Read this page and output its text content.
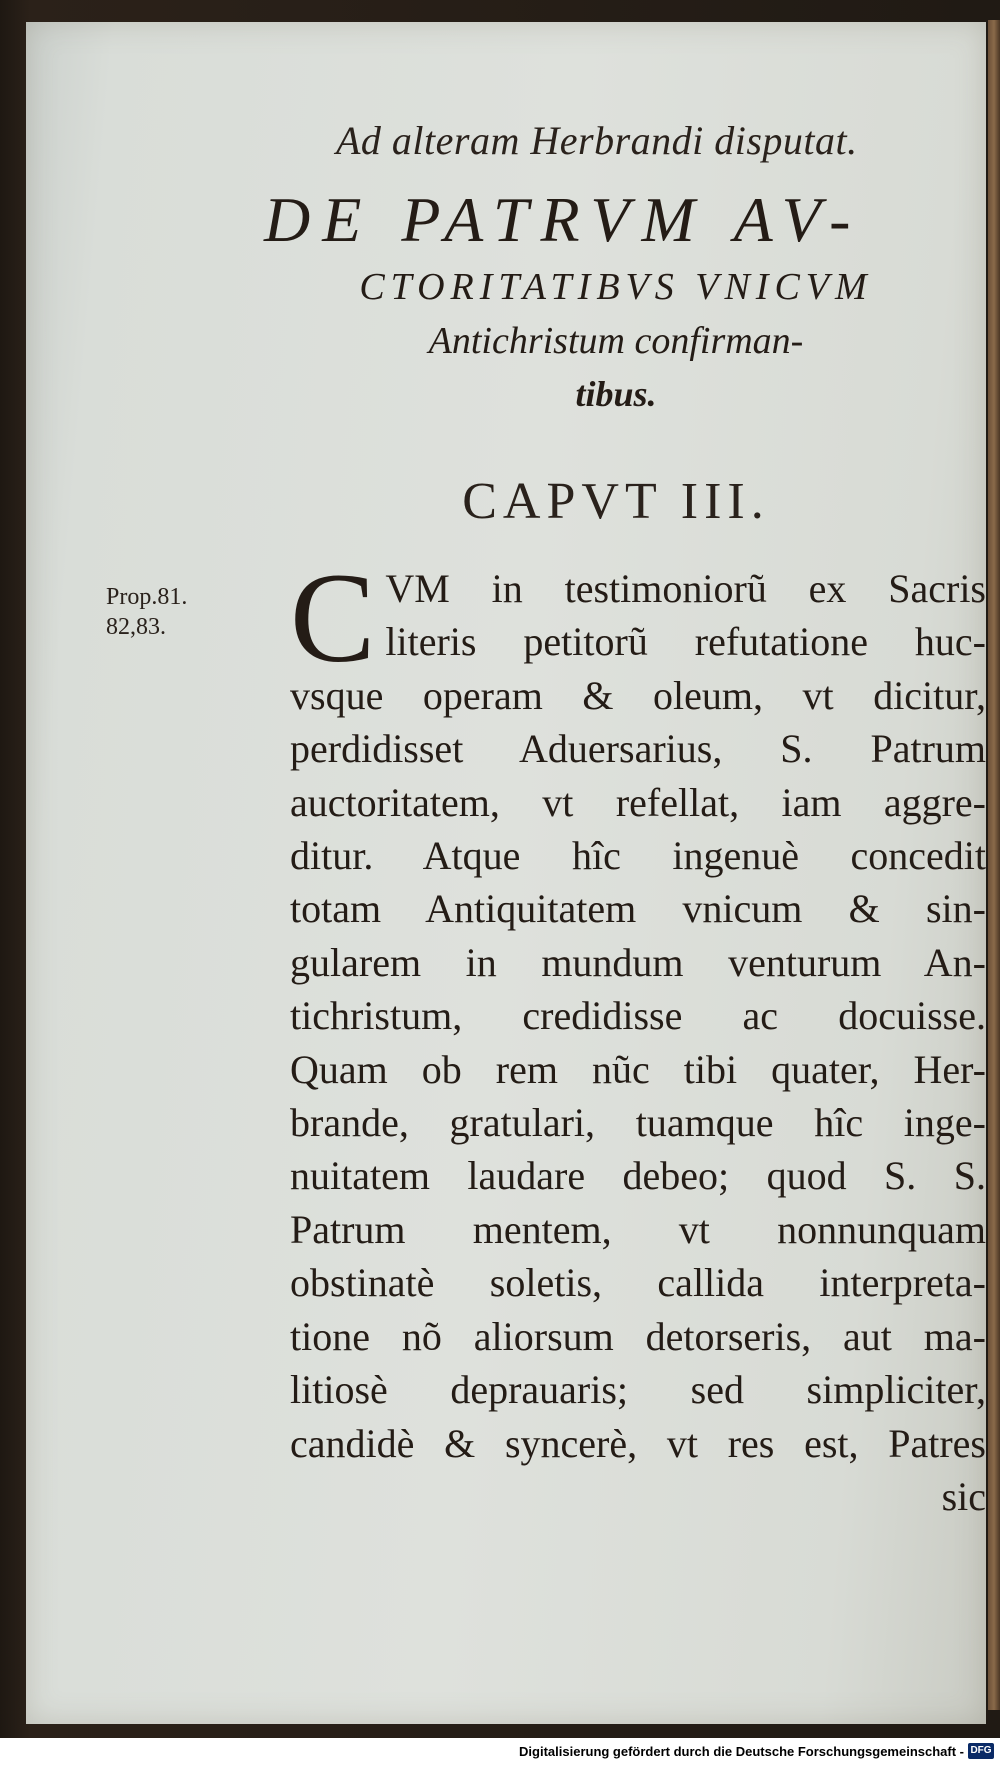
Ad alteram Herbrandi disputat.
DE PATRVM AV-
CTORITATIBVS VNICVM
Antichristum confirman-
tibus.
CAPVT III.
Prop.81.
82,83. C VM in testimoniorũ ex Sacris
literis petitorũ refutatione huc-
vsque operam & oleum, vt dicitur,
perdidisset Aduersarius, S. Patrum
auctoritatem, vt refellat, iam aggre-
ditur. Atque hîc ingenuè concedit
totam Antiquitatem vnicum & sin-
gularem in mundum venturum An-
tichristum, credidisse ac docuisse.
Quam ob rem nũc tibi quater, Her-
brande, gratulari, tuamque hîc inge-
nuitatem laudare debeo; quod S. S.
Patrum mentem, vt nonnunquam
obstinatè soletis, callida interpreta-
tione nõ aliorsum detorseris, aut ma-
litiosè deprauaris; sed simpliciter,
candidè & syncerè, vt res est, Patres
sic
Digitalisierung gefördert durch die Deutsche Forschungsgemeinschaft - DFG
